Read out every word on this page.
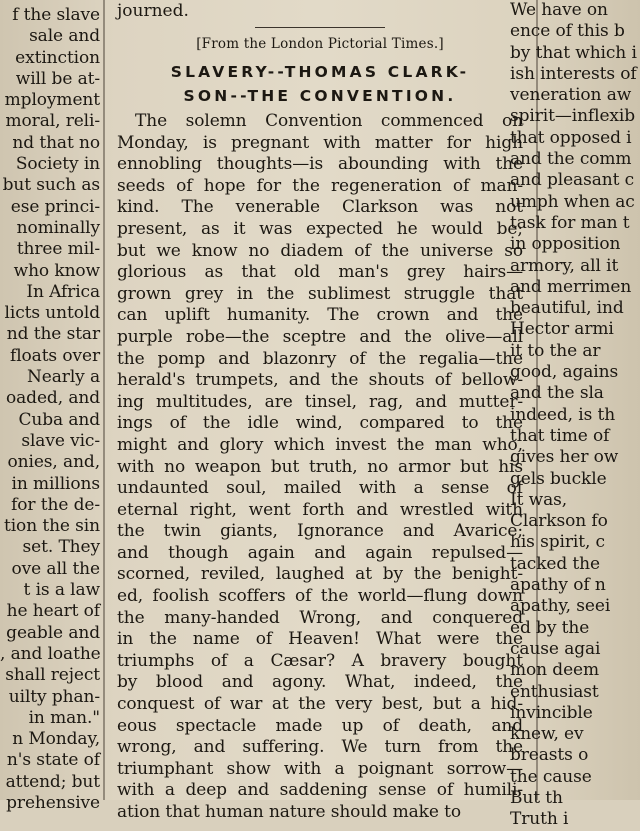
f the slave
sale and
extinction
will be at-
mployment
moral, reli-
nd that no
Society in
but such as
ese princi-
nominally
three mil-
who know
In Africa
licts untold
nd the star
floats over
Nearly a
oaded, and
Cuba and
slave vic-
onies, and,
in millions
for the de-
tion the sin
set. They
ove all the
t is a law
he heart of
geable and
, and loathe
shall reject
uilty phan-
in man."
n Monday,
n's state of
attend; but
prehensive
journed.
[From the London Pictorial Times.]
SLAVERY--THOMAS CLARK-
SON--THE CONVENTION.
The solemn Convention commenced on
Monday, is pregnant with matter for high
ennobling thoughts—is abounding with the
seeds of hope for the regeneration of man-
kind. The venerable Clarkson was not
present, as it was expected he would be;
but we know no diadem of the universe so
glorious as that old man's grey hairs—
grown grey in the sublimest struggle that
can uplift humanity. The crown and the
purple robe—the sceptre and the olive—all
the pomp and blazonry of the regalia—the
herald's trumpets, and the shouts of bellow-
ing multitudes, are tinsel, rag, and mutter-
ings of the idle wind, compared to the
might and glory which invest the man who,
with no weapon but truth, no armor but his
undaunted soul, mailed with a sense of
eternal right, went forth and wrestled with
the twin giants, Ignorance and Avarice;
and though again and again repulsed—
scorned, reviled, laughed at by the benight-
ed, foolish scoffers of the world—flung down
the many-handed Wrong, and conquered
in the name of Heaven! What were the
triumphs of a Cæsar? A bravery bought
by blood and agony. What, indeed, the
conquest of war at the very best, but a hid-
eous spectacle made up of death, and
wrong, and suffering. We turn from the
triumphant show with a poignant sorrow—
with a deep and saddening sense of humili-
ation that human nature should make to
We have on
ence of this b
by that which i
ish interests of
veneration aw
spirit—inflexib
that opposed i
and the comm
and pleasant c
umph when ac
task for man t
in opposition
armory, all it
and merrimen
beautiful, ind
Hector armi
it to the ar
good, agains
and the sla
indeed, is th
that time of
gives her ow
gels buckle
It was,
Clarkson fo
his spirit, c
tacked the
apathy of n
apathy, seei
ed by the
cause agai
mon deem
enthusiast
invincible
knew, ev
breasts o
the cause
But th
Truth i
